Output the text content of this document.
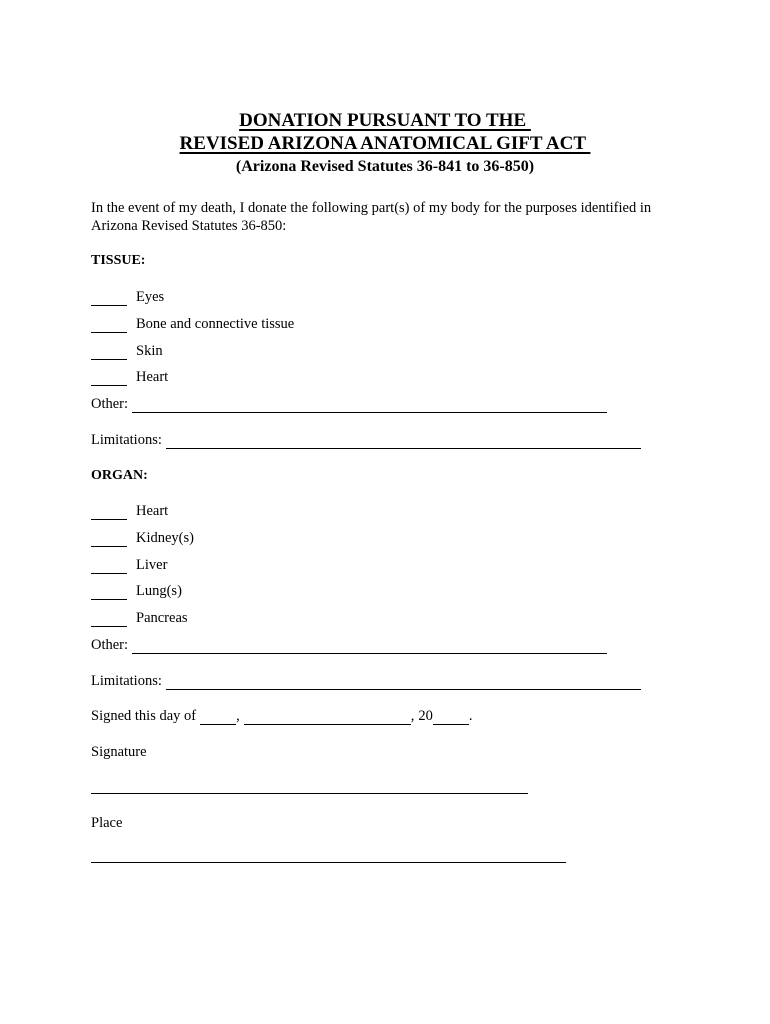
DONATION PURSUANT TO THE
REVISED ARIZONA ANATOMICAL GIFT ACT
(Arizona Revised Statutes 36-841 to 36-850)
In the event of my death, I donate the following part(s) of my body for the purposes identified in Arizona Revised Statutes 36-850:
TISSUE:
Eyes
Bone and connective tissue
Skin
Heart
Other:
Limitations:
ORGAN:
Heart
Kidney(s)
Liver
Lung(s)
Pancreas
Other:
Limitations:
Signed this day of	,	, 20 .
Signature
Place
